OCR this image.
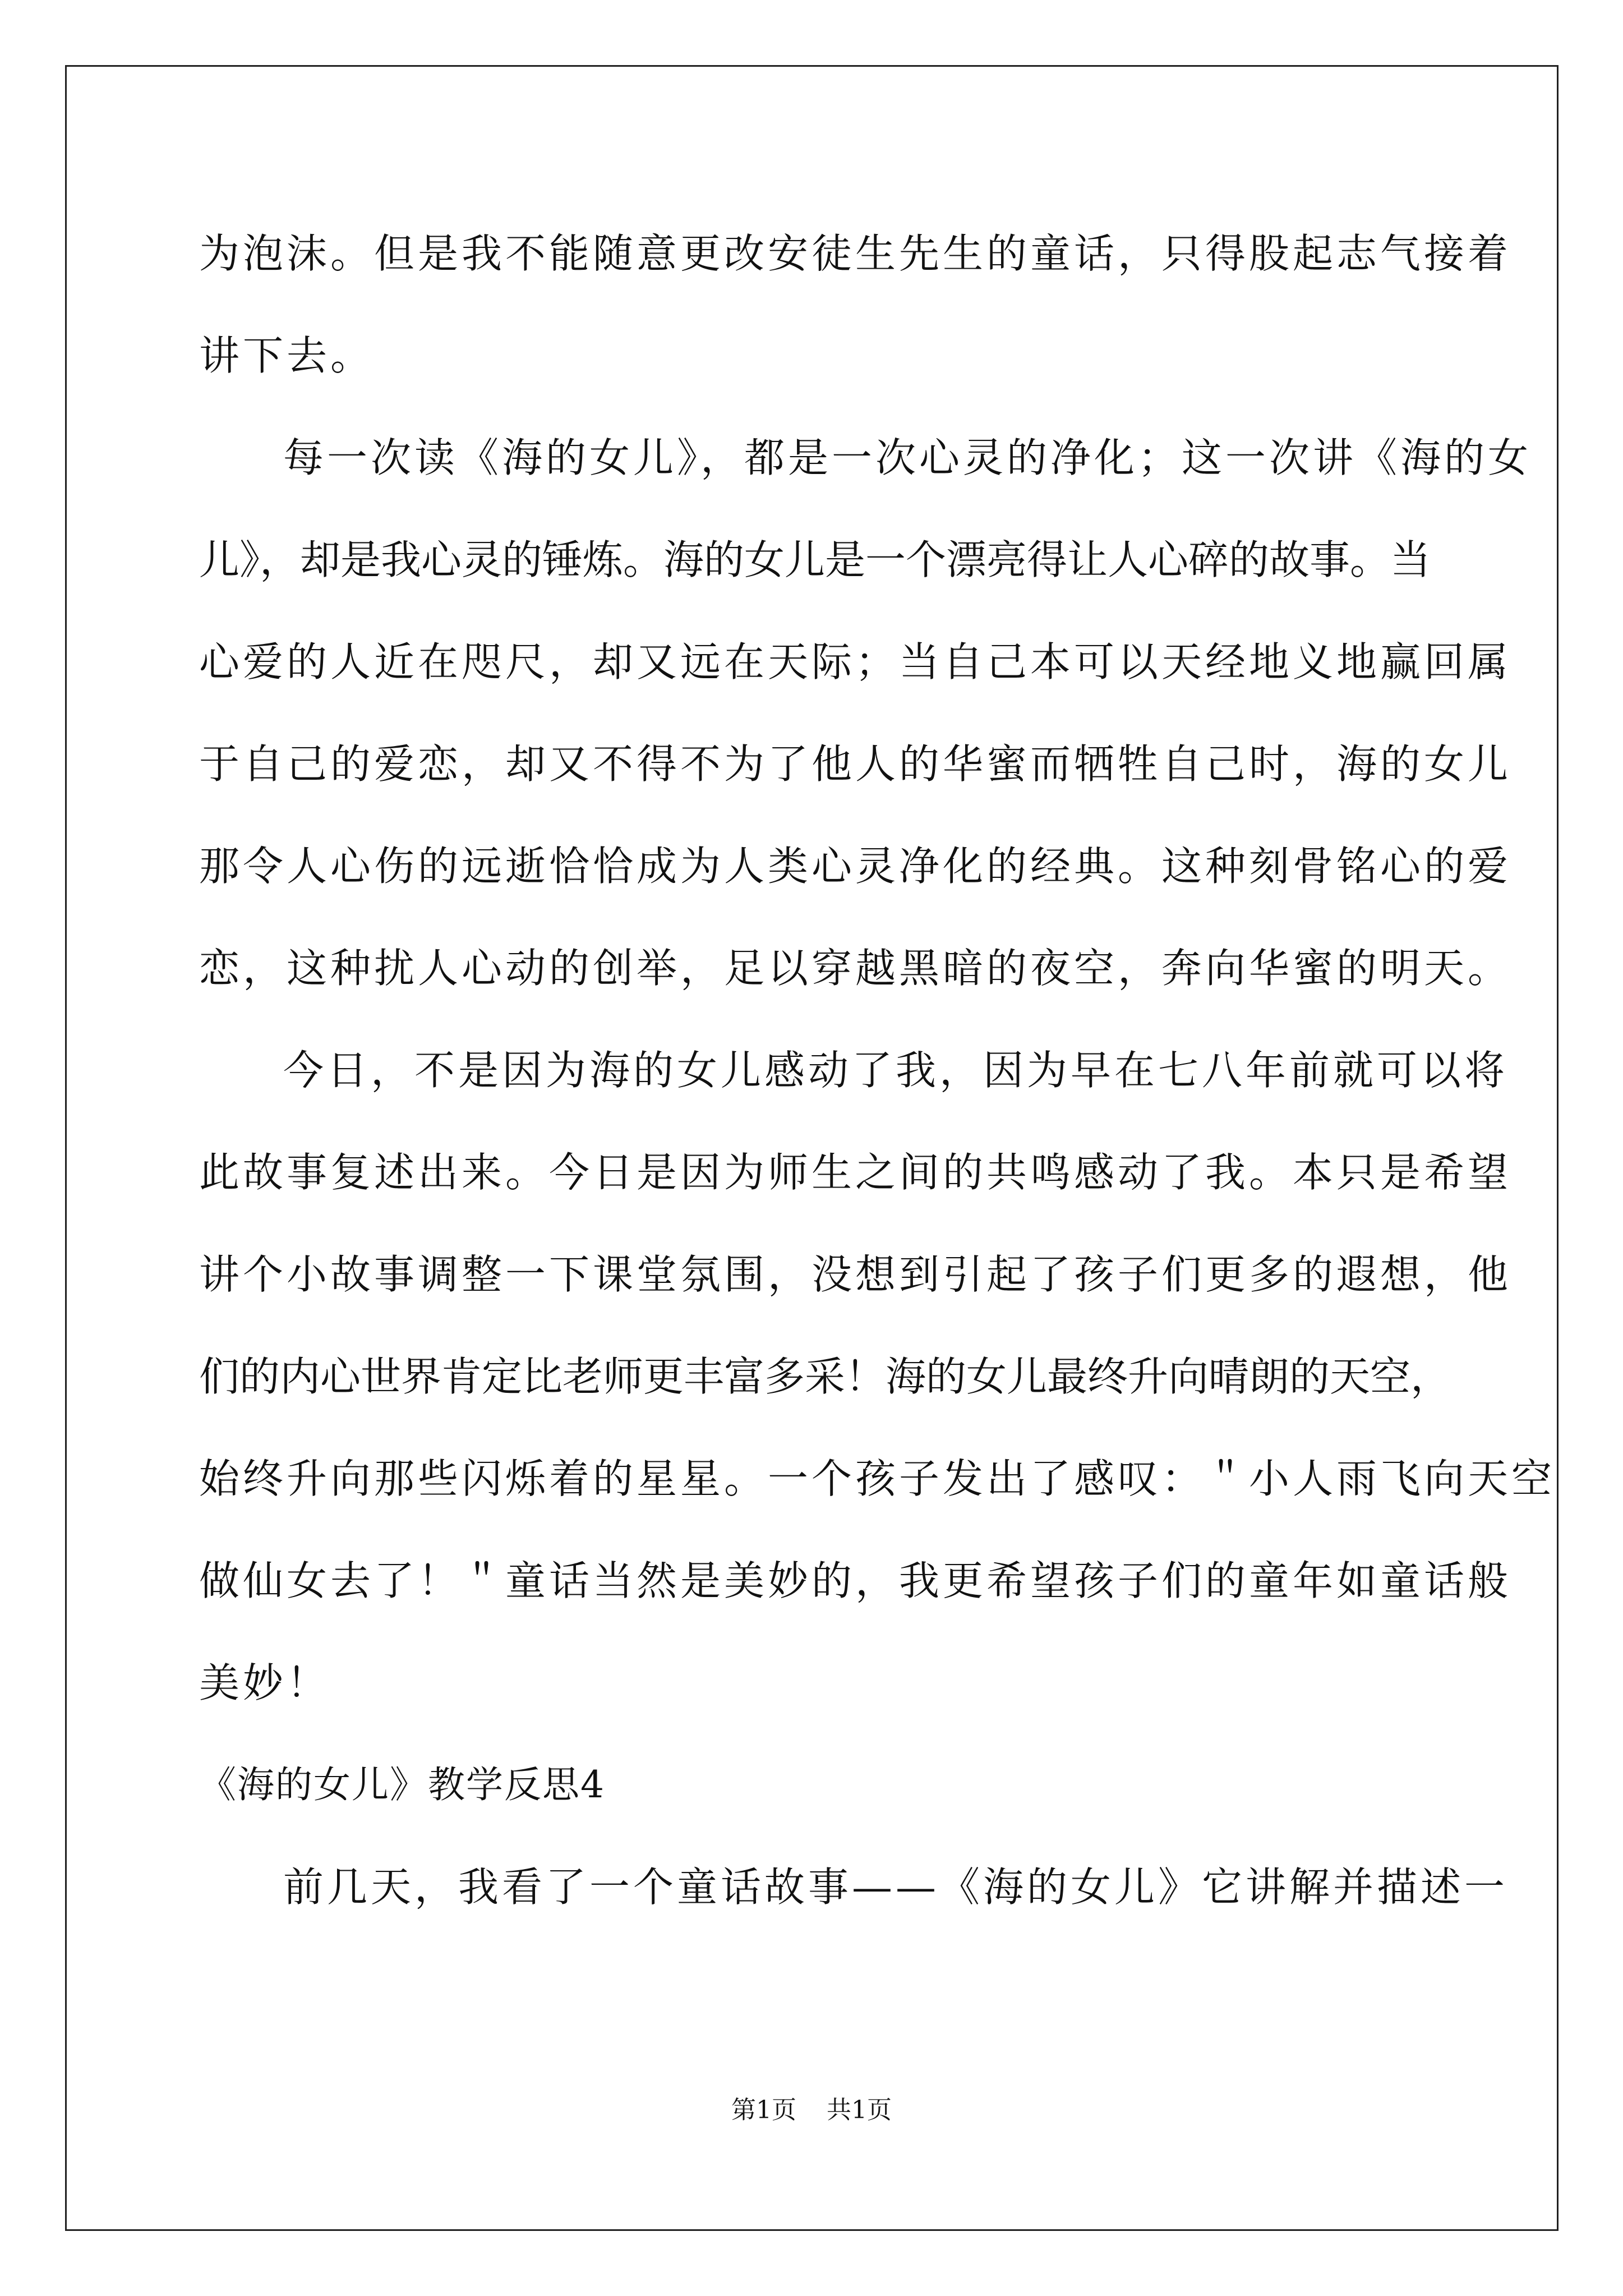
为泡沫。但是我不能随意更改安徒生先生的童话，只得股起志气接着
讲下去。
每一次读《海的女儿》，都是一次心灵的净化；这一次讲《海的女
儿》，却是我心灵的锤炼。海的女儿是一个漂亮得让人心碎的故事。当
心爱的人近在咫尺，却又远在天际；当自己本可以天经地义地赢回属
于自己的爱恋，却又不得不为了他人的华蜜而牺牲自己时，海的女儿
那令人心伤的远逝恰恰成为人类心灵净化的经典。这种刻骨铭心的爱
恋，这种扰人心动的创举，足以穿越黑暗的夜空，奔向华蜜的明天。
今日，不是因为海的女儿感动了我，因为早在七八年前就可以将
此故事复述出来。今日是因为师生之间的共鸣感动了我。本只是希望
讲个小故事调整一下课堂氛围，没想到引起了孩子们更多的遐想，他
们的内心世界肯定比老师更丰富多采！海的女儿最终升向晴朗的天空，
始终升向那些闪烁着的星星。一个孩子发出了感叹：＂小人雨飞向天空
做仙女去了！＂童话当然是美妙的，我更希望孩子们的童年如童话般
美妙！
《海的女儿》教学反思4
前几天，我看了一个童话故事——《海的女儿》它讲解并描述一
第1页 共1页
